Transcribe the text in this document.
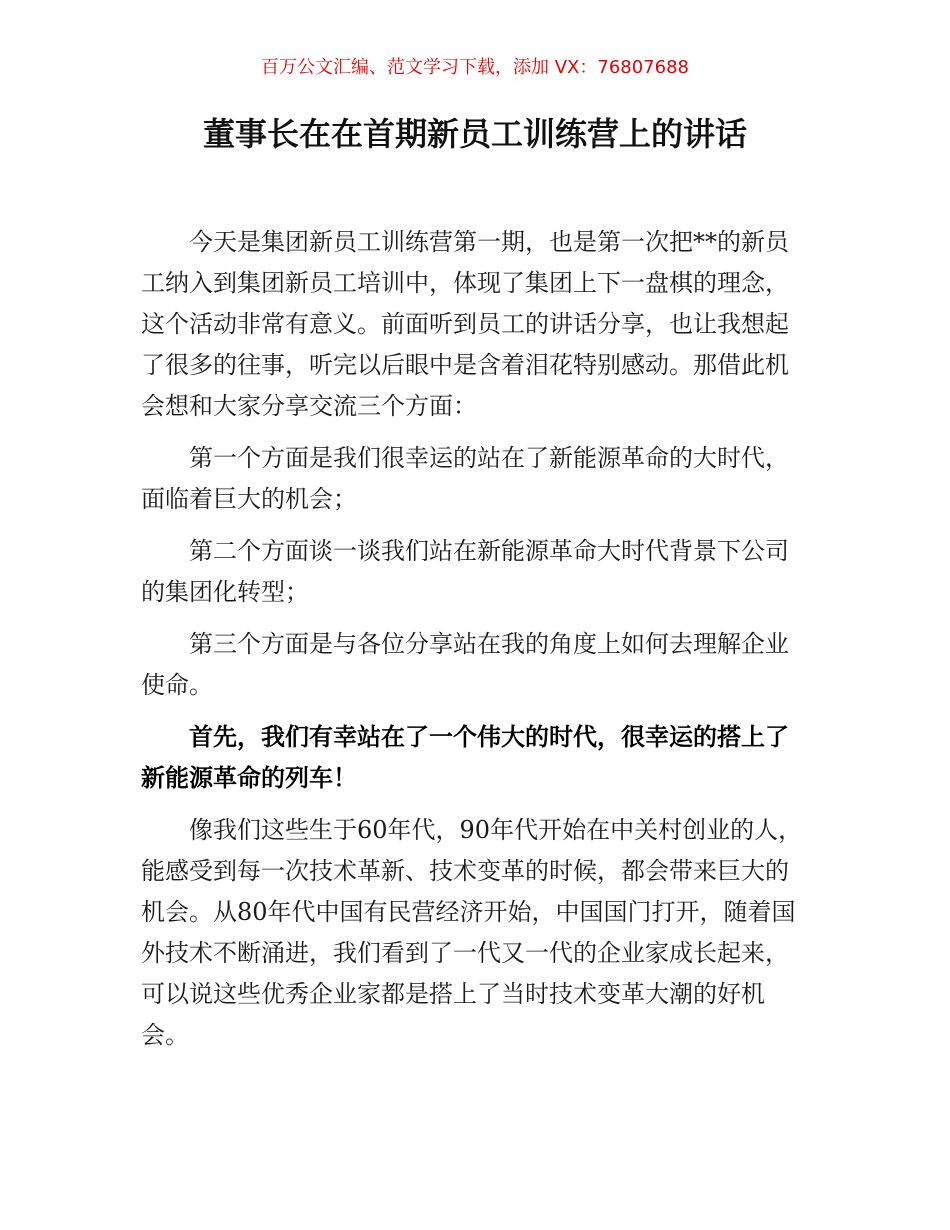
百万公文汇编、范文学习下载，添加 VX：76807688
董事长在在首期新员工训练营上的讲话

今天是集团新员工训练营第一期，也是第一次把**的新员工纳入到集团新员工培训中，体现了集团上下一盘棋的理念，这个活动非常有意义。前面听到员工的讲话分享，也让我想起了很多的往事，听完以后眼中是含着泪花特别感动。那借此机会想和大家分享交流三个方面：

第一个方面是我们很幸运的站在了新能源革命的大时代，面临着巨大的机会；

第二个方面谈一谈我们站在新能源革命大时代背景下公司的集团化转型；

第三个方面是与各位分享站在我的角度上如何去理解企业使命。

首先，我们有幸站在了一个伟大的时代，很幸运的搭上了新能源革命的列车！

像我们这些生于60年代，90年代开始在中关村创业的人，能感受到每一次技术革新、技术变革的时候，都会带来巨大的机会。从80年代中国有民营经济开始，中国国门打开，随着国外技术不断涌进，我们看到了一代又一代的企业家成长起来，可以说这些优秀企业家都是搭上了当时技术变革大潮的好机会。
